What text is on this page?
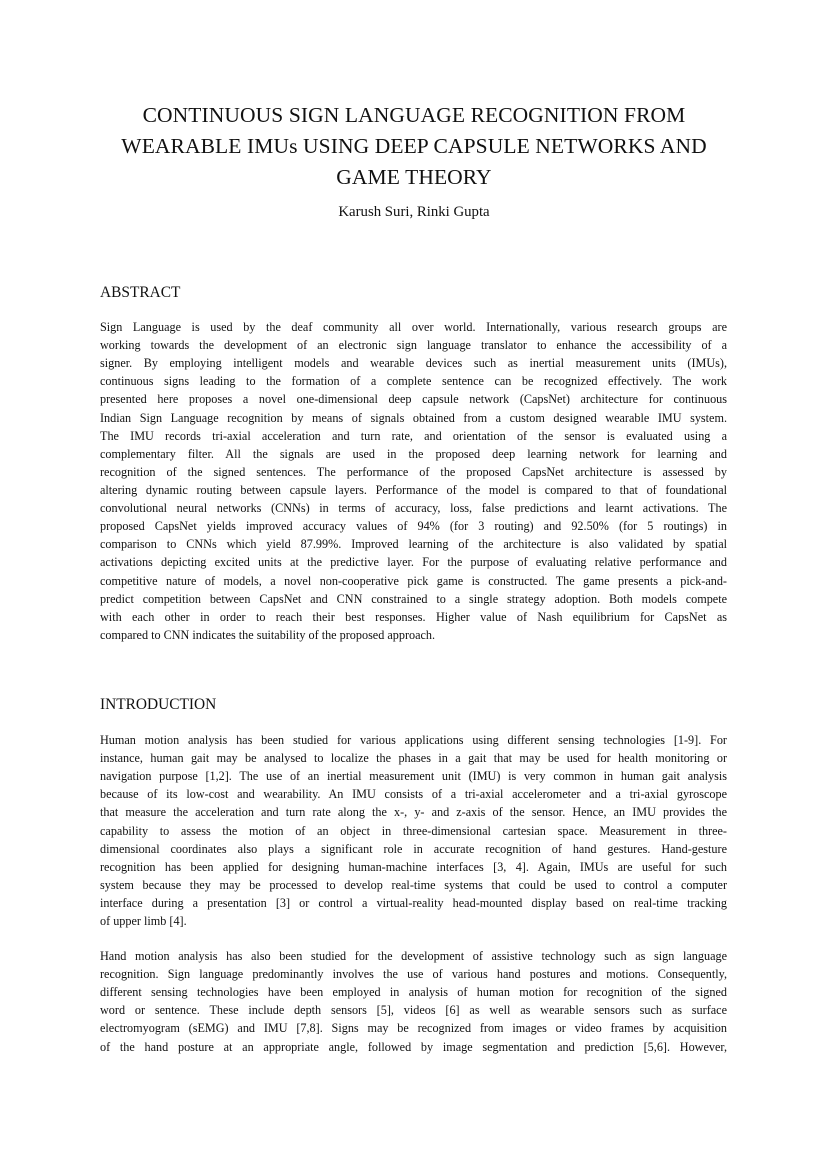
CONTINUOUS SIGN LANGUAGE RECOGNITION FROM
WEARABLE IMUs USING DEEP CAPSULE NETWORKS AND
GAME THEORY

Karush Suri, Rinki Gupta

ABSTRACT
Sign Language is used by the deaf community all over world. Internationally, various research groups are
working towards the development of an electronic sign language translator to enhance the accessibility of a
signer. By employing intelligent models and wearable devices such as inertial measurement units (IMUs),
continuous signs leading to the formation of a complete sentence can be recognized effectively. The work
presented here proposes a novel one-dimensional deep capsule network (CapsNet) architecture for continuous
Indian Sign Language recognition by means of signals obtained from a custom designed wearable IMU system.
The IMU records tri-axial acceleration and turn rate, and orientation of the sensor is evaluated using a
complementary filter. All the signals are used in the proposed deep learning network for learning and
recognition of the signed sentences. The performance of the proposed CapsNet architecture is assessed by
altering dynamic routing between capsule layers. Performance of the model is compared to that of foundational
convolutional neural networks (CNNs) in terms of accuracy, loss, false predictions and learnt activations. The
proposed CapsNet yields improved accuracy values of 94% (for 3 routing) and 92.50% (for 5 routings) in
comparison to CNNs which yield 87.99%. Improved learning of the architecture is also validated by spatial
activations depicting excited units at the predictive layer. For the purpose of evaluating relative performance and
competitive nature of models, a novel non-cooperative pick game is constructed. The game presents a pick-and-
predict competition between CapsNet and CNN constrained to a single strategy adoption. Both models compete
with each other in order to reach their best responses. Higher value of Nash equilibrium for CapsNet as
compared to CNN indicates the suitability of the proposed approach.
INTRODUCTION
Human motion analysis has been studied for various applications using different sensing technologies [1-9]. For
instance, human gait may be analysed to localize the phases in a gait that may be used for health monitoring or
navigation purpose [1,2]. The use of an inertial measurement unit (IMU) is very common in human gait analysis
because of its low-cost and wearability. An IMU consists of a tri-axial accelerometer and a tri-axial gyroscope
that measure the acceleration and turn rate along the x-, y- and z-axis of the sensor. Hence, an IMU provides the
capability to assess the motion of an object in three-dimensional cartesian space. Measurement in three-
dimensional coordinates also plays a significant role in accurate recognition of hand gestures. Hand-gesture
recognition has been applied for designing human-machine interfaces [3, 4]. Again, IMUs are useful for such
system because they may be processed to develop real-time systems that could be used to control a computer
interface during a presentation [3] or control a virtual-reality head-mounted display based on real-time tracking
of upper limb [4].
Hand motion analysis has also been studied for the development of assistive technology such as sign language
recognition. Sign language predominantly involves the use of various hand postures and motions. Consequently,
different sensing technologies have been employed in analysis of human motion for recognition of the signed
word or sentence. These include depth sensors [5], videos [6] as well as wearable sensors such as surface
electromyogram (sEMG) and IMU [7,8]. Signs may be recognized from images or video frames by acquisition
of the hand posture at an appropriate angle, followed by image segmentation and prediction [5,6]. However,
